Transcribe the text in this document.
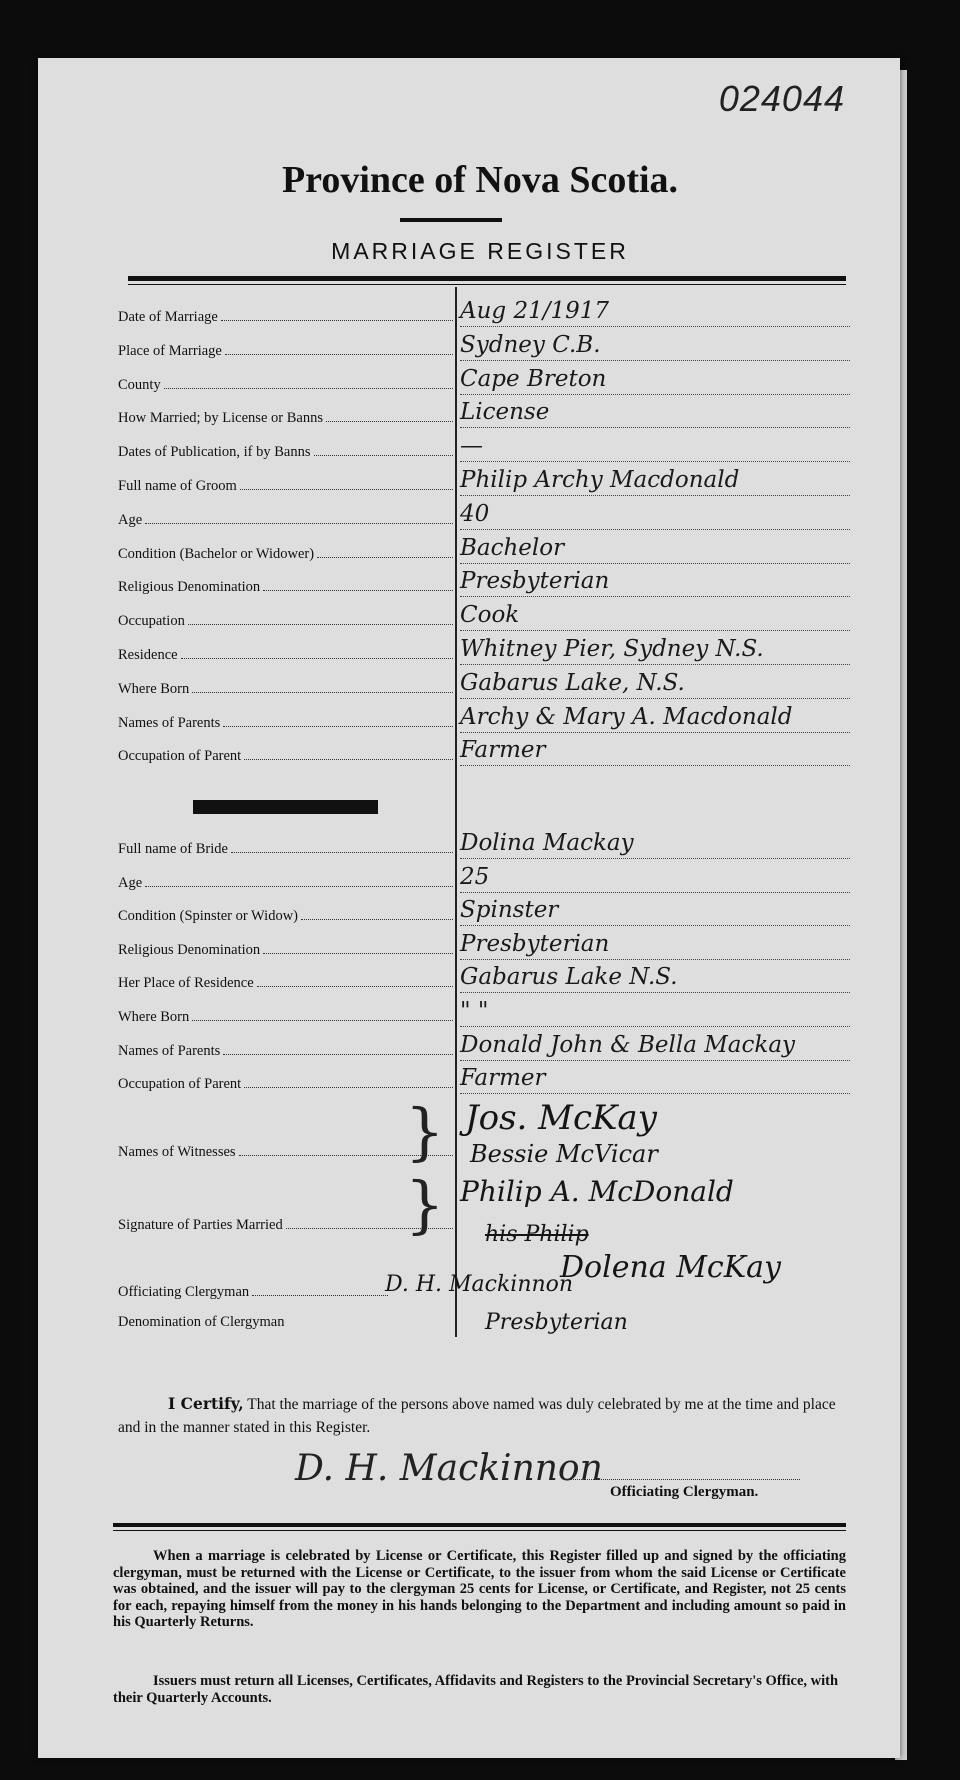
024044
Province of Nova Scotia.
MARRIAGE REGISTER
Date of Marriage	Aug 21/1917
Place of Marriage	Sydney C.B.
County	Cape Breton
How Married; by License or Banns	License
Dates of Publication, if by Banns	—
Full name of Groom	Philip Archy Macdonald
Age	40
Condition (Bachelor or Widower)	Bachelor
Religious Denomination	Presbyterian
Occupation	Cook
Residence	Whitney Pier, Sydney N.S.
Where Born	Gabarus Lake, N.S.
Names of Parents	Archy & Mary A. Macdonald
Occupation of Parent	Farmer
Full name of Bride	Dolina Mackay
Age	25
Condition (Spinster or Widow)	Spinster
Religious Denomination	Presbyterian
Her Place of Residence	Gabarus Lake N.S.
Where Born	" "
Names of Parents	Donald John & Bella Mackay
Occupation of Parent	Farmer
Names of Witnesses	} Jos. McKay
Bessie McVicar
Signature of Parties Married } Philip A. McDonald
his Philip
Dolena McKay
Officiating Clergyman	D. H. Mackinnon
Denomination of Clergyman	Presbyterian
I Certify, That the marriage of the persons above named was duly celebrated by me at the time and place and in the manner stated in this Register.
D. H. Mackinnon
Officiating Clergyman.
When a marriage is celebrated by License or Certificate, this Register filled up and signed by the officiating clergyman, must be returned with the License or Certificate, to the issuer from whom the said License or Certificate was obtained, and the issuer will pay to the clergyman 25 cents for License, or Certificate, and Register, not 25 cents for each, repaying himself from the money in his hands belonging to the Department and including amount so paid in his Quarterly Returns.
Issuers must return all Licenses, Certificates, Affidavits and Registers to the Provincial Secretary's Office, with their Quarterly Accounts.
